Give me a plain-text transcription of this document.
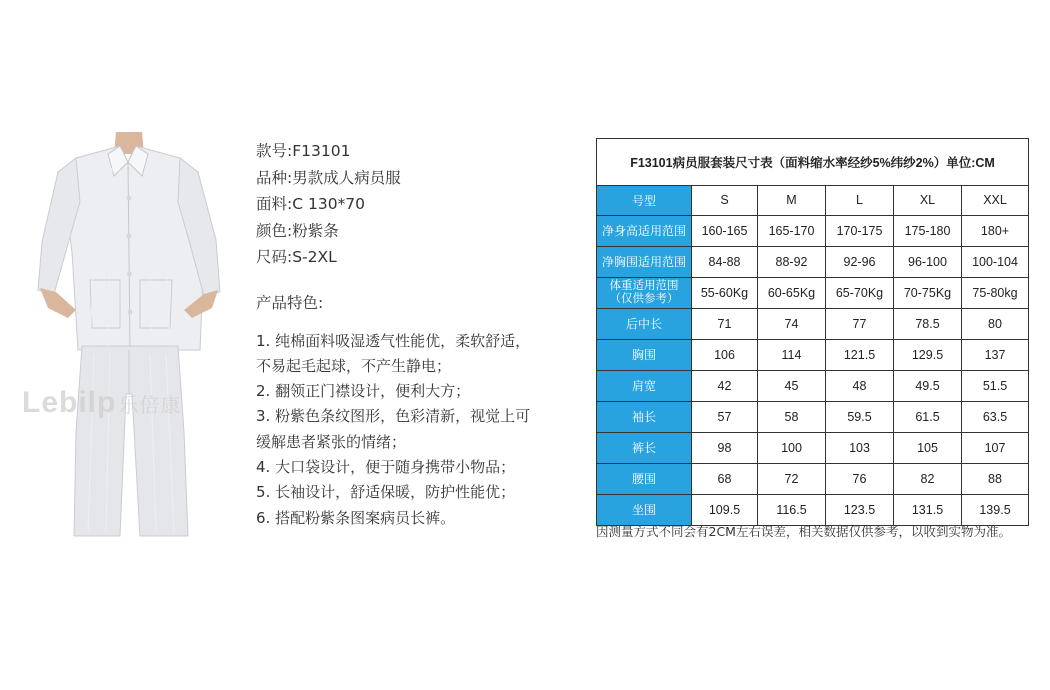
Lebilp 乐倍康
款号:F13101
品种:男款成人病员服
面料:C 130*70
颜色:粉紫条
尺码:S-2XL
产品特色:
1. 纯棉面料吸湿透气性能优，柔软舒适，
不易起毛起球，不产生静电；
2. 翻领正门襟设计，便利大方；
3. 粉紫色条纹图形，色彩清新，视觉上可
缓解患者紧张的情绪；
4. 大口袋设计，便于随身携带小物品；
5. 长袖设计，舒适保暖，防护性能优；
6. 搭配粉紫条图案病员长裤。
F13101病员服套装尺寸表（面料缩水率经纱5%纬纱2%）单位:CM					
号型	S	M	L	XL	XXL
净身高适用范围	160-165	165-170	170-175	175-180	180+
净胸围适用范围	84-88	88-92	92-96	96-100	100-104

体重适用范围
（仅供参考）	55-60Kg	60-65Kg	65-70Kg	70-75Kg	75-80kg
后中长	71	74	77	78.5	80
胸围	106	114	121.5	129.5	137
肩宽	42	45	48	49.5	51.5
袖长	57	58	59.5	61.5	63.5
裤长	98	100	103	105	107
腰围	68	72	76	82	88
坐围	109.5	116.5	123.5	131.5	139.5
因测量方式不同会有2CM左右误差，相关数据仅供参考，以收到实物为准。
